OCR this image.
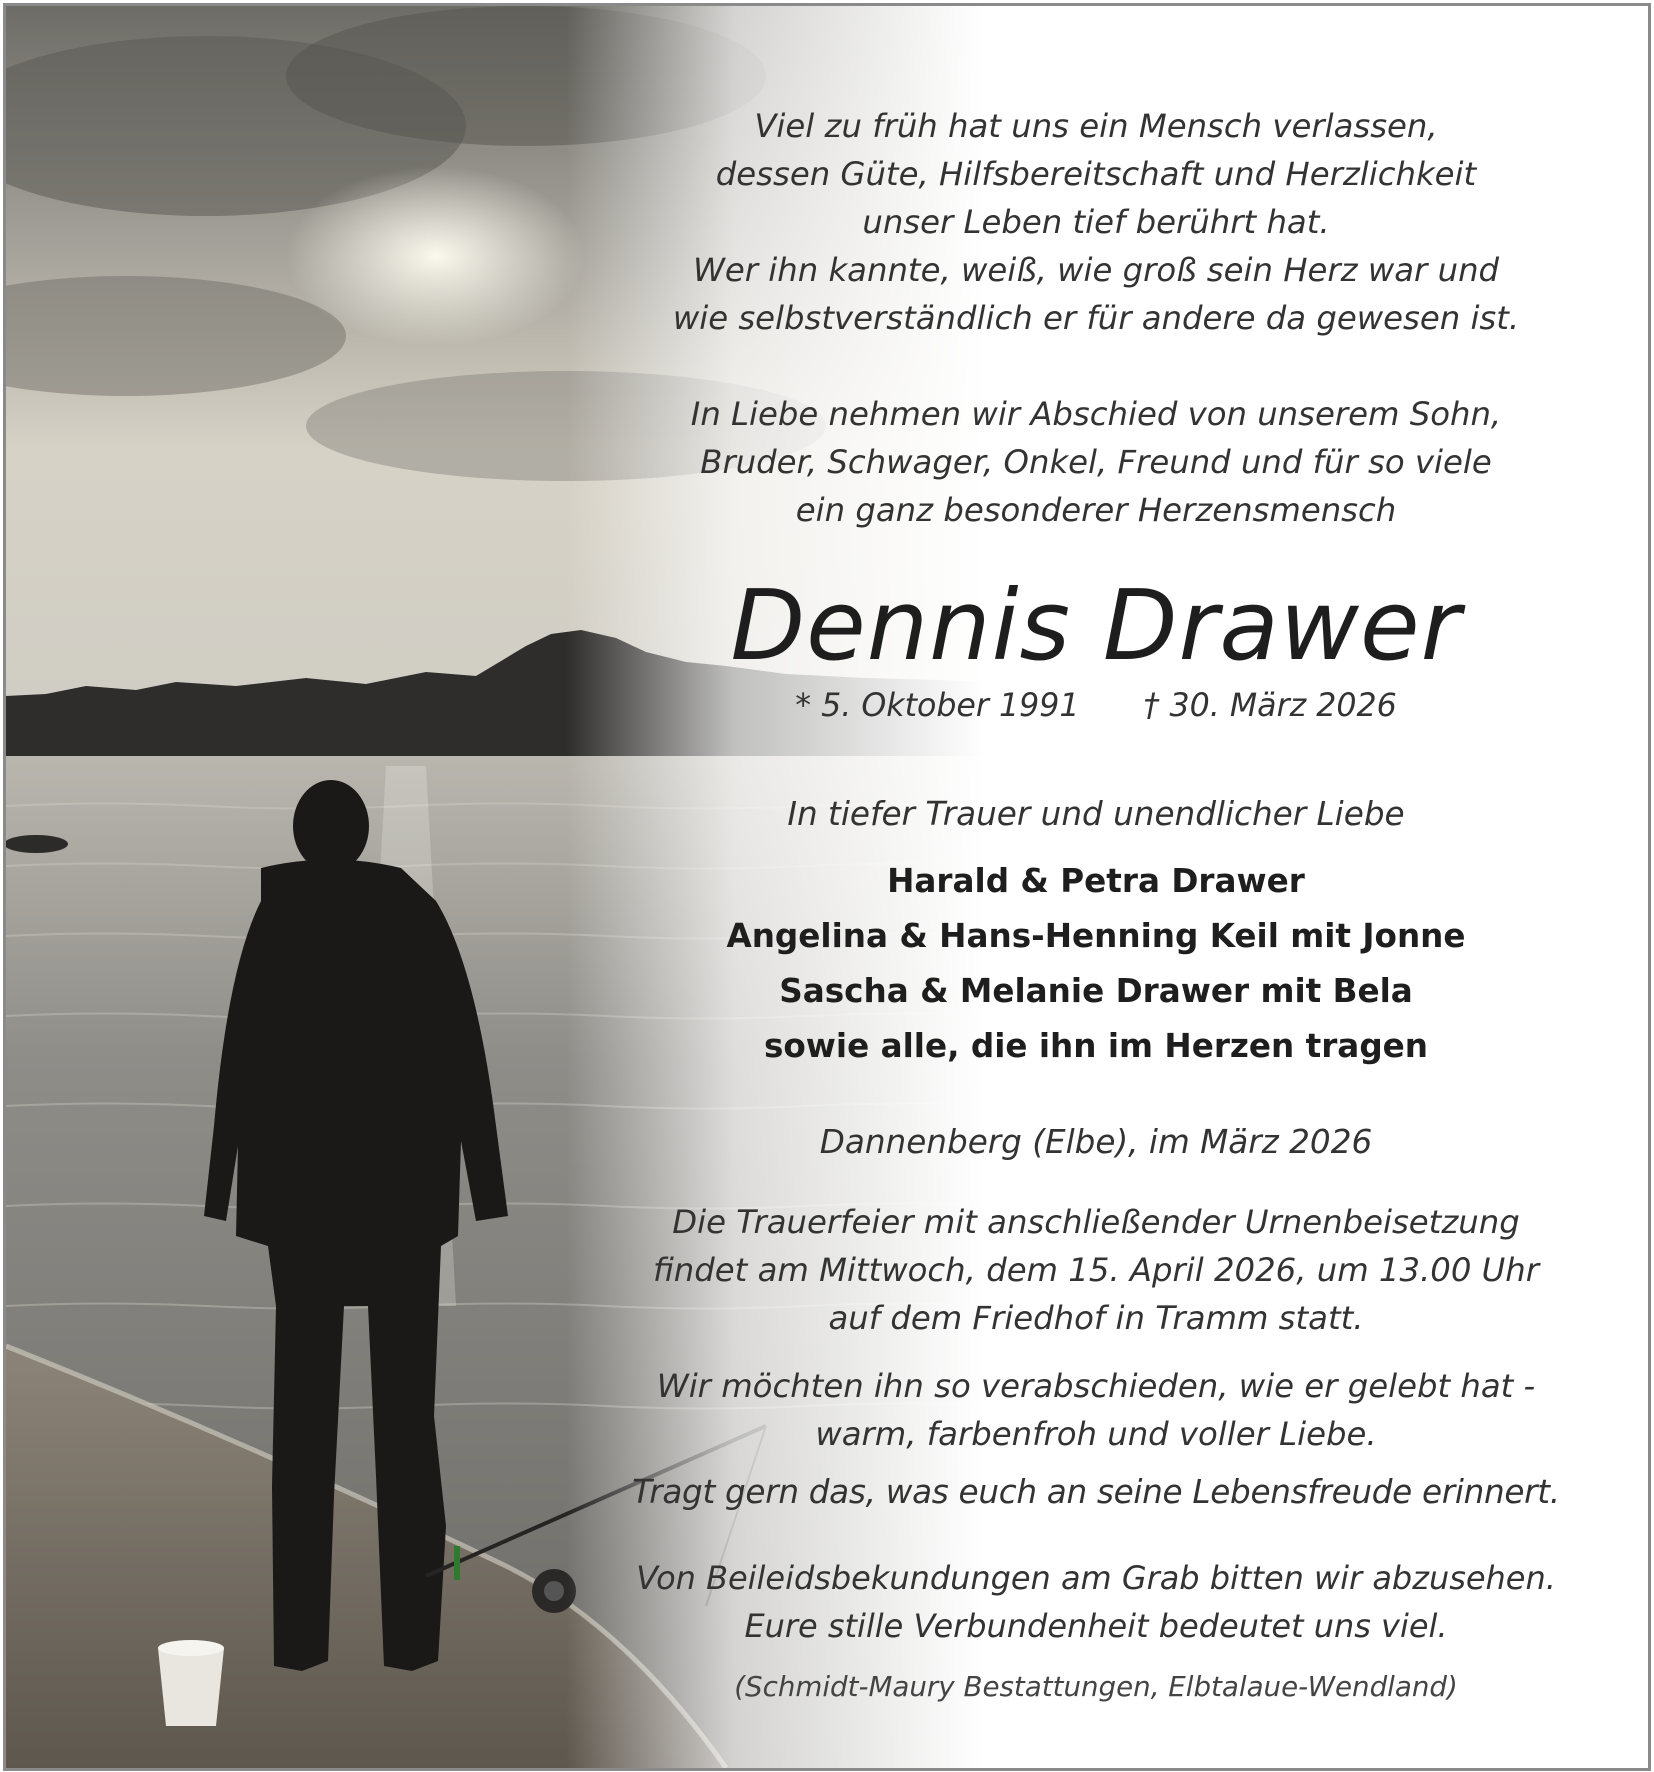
Viel zu früh hat uns ein Mensch verlassen,
dessen Güte, Hilfsbereitschaft und Herzlichkeit
unser Leben tief berührt hat.
Wer ihn kannte, weiß, wie groß sein Herz war und
wie selbstverständlich er für andere da gewesen ist.
In Liebe nehmen wir Abschied von unserem Sohn,
Bruder, Schwager, Onkel, Freund und für so viele
ein ganz besonderer Herzensmensch
Dennis Drawer

* 5. Oktober 1991 † 30. März 2026

In tiefer Trauer und unendlicher Liebe

Harald & Petra Drawer

Angelina & Hans-Henning Keil mit Jonne

Sascha & Melanie Drawer mit Bela

sowie alle, die ihn im Herzen tragen

Dannenberg (Elbe), im März 2026

Die Trauerfeier mit anschließender Urnenbeisetzung
findet am Mittwoch, dem 15. April 2026, um 13.00 Uhr
auf dem Friedhof in Tramm statt.
Wir möchten ihn so verabschieden, wie er gelebt hat -
warm, farbenfroh und voller Liebe.

Tragt gern das, was euch an seine Lebensfreude erinnert.

Von Beileidsbekundungen am Grab bitten wir abzusehen.
Eure stille Verbundenheit bedeutet uns viel.

(Schmidt-Maury Bestattungen, Elbtalaue-Wendland)
